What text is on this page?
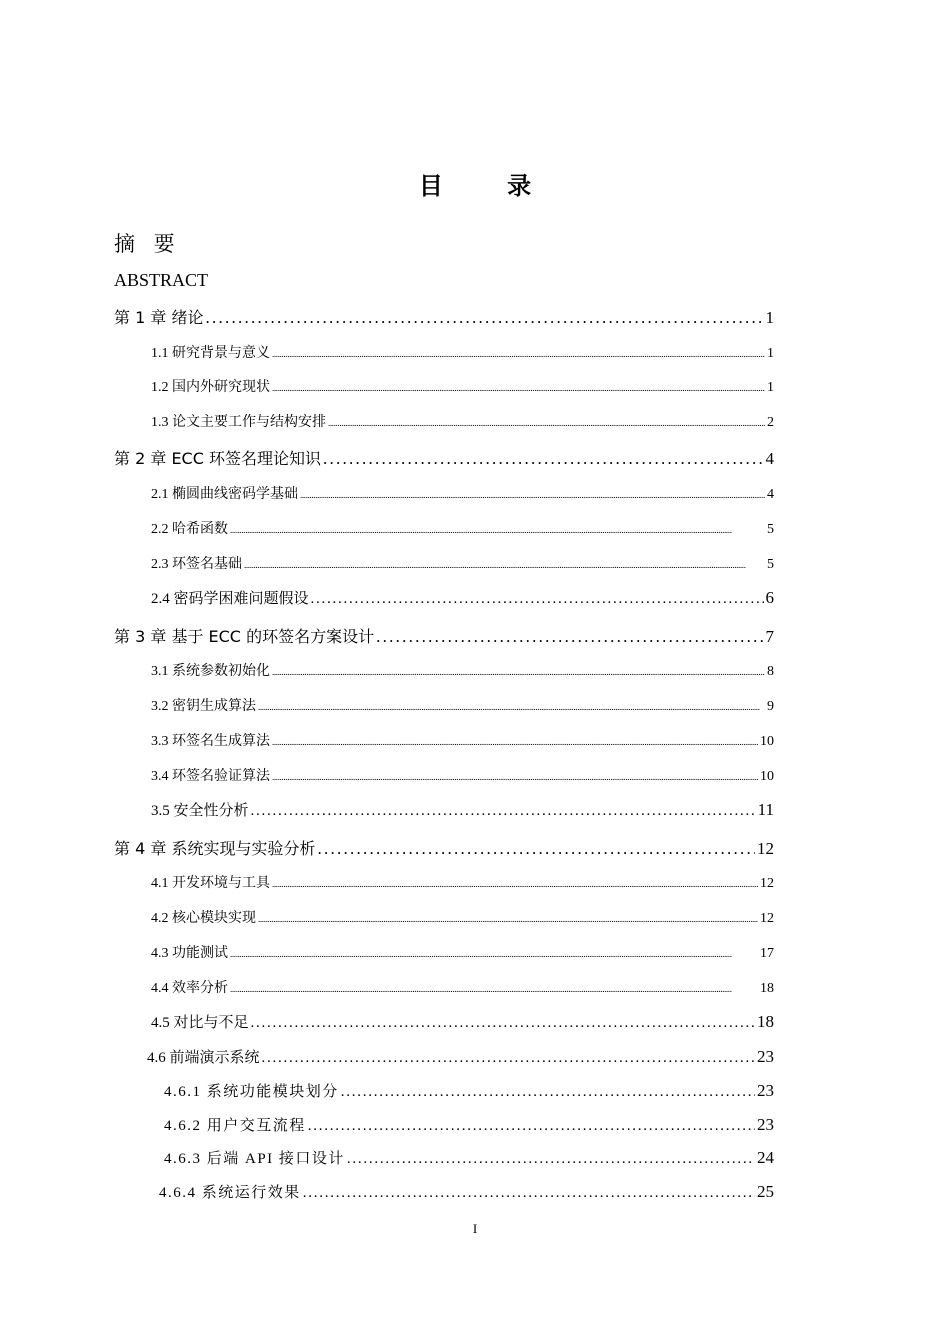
目 录
摘 要
ABSTRACT
第 1 章 绪论 . . .	1
1.1 研究背景与意义 . . .	1
1.2 国内外研究现状 . . .	1
1.3 论文主要工作与结构安排 . . .	2
第 2 章 ECC 环签名理论知识 . . .	4
2.1 椭圆曲线密码学基础 . . .	4
2.2 哈希函数 . . .	5
2.3 环签名基础 . . .	5
2.4 密码学困难问题假设 . . .	6
第 3 章 基于 ECC 的环签名方案设计 . . .	7
3.1 系统参数初始化 . . .	8
3.2 密钥生成算法 . . .	9
3.3 环签名生成算法 . . .	10
3.4 环签名验证算法 . . .	10
3.5 安全性分析 . . .	11
第 4 章 系统实现与实验分析 . . .	12
4.1 开发环境与工具 . . .	12
4.2 核心模块实现 . . .	12
4.3 功能测试 . . .	17
4.4 效率分析 . . .	18
4.5 对比与不足 . . .	18
4.6 前端演示系统 . . .	23
4.6.1 系统功能模块划分 . . .	23
4.6.2 用户交互流程 . . .	23
4.6.3 后端 API 接口设计 . . .	24
4.6.4 系统运行效果 . . .	25
I
